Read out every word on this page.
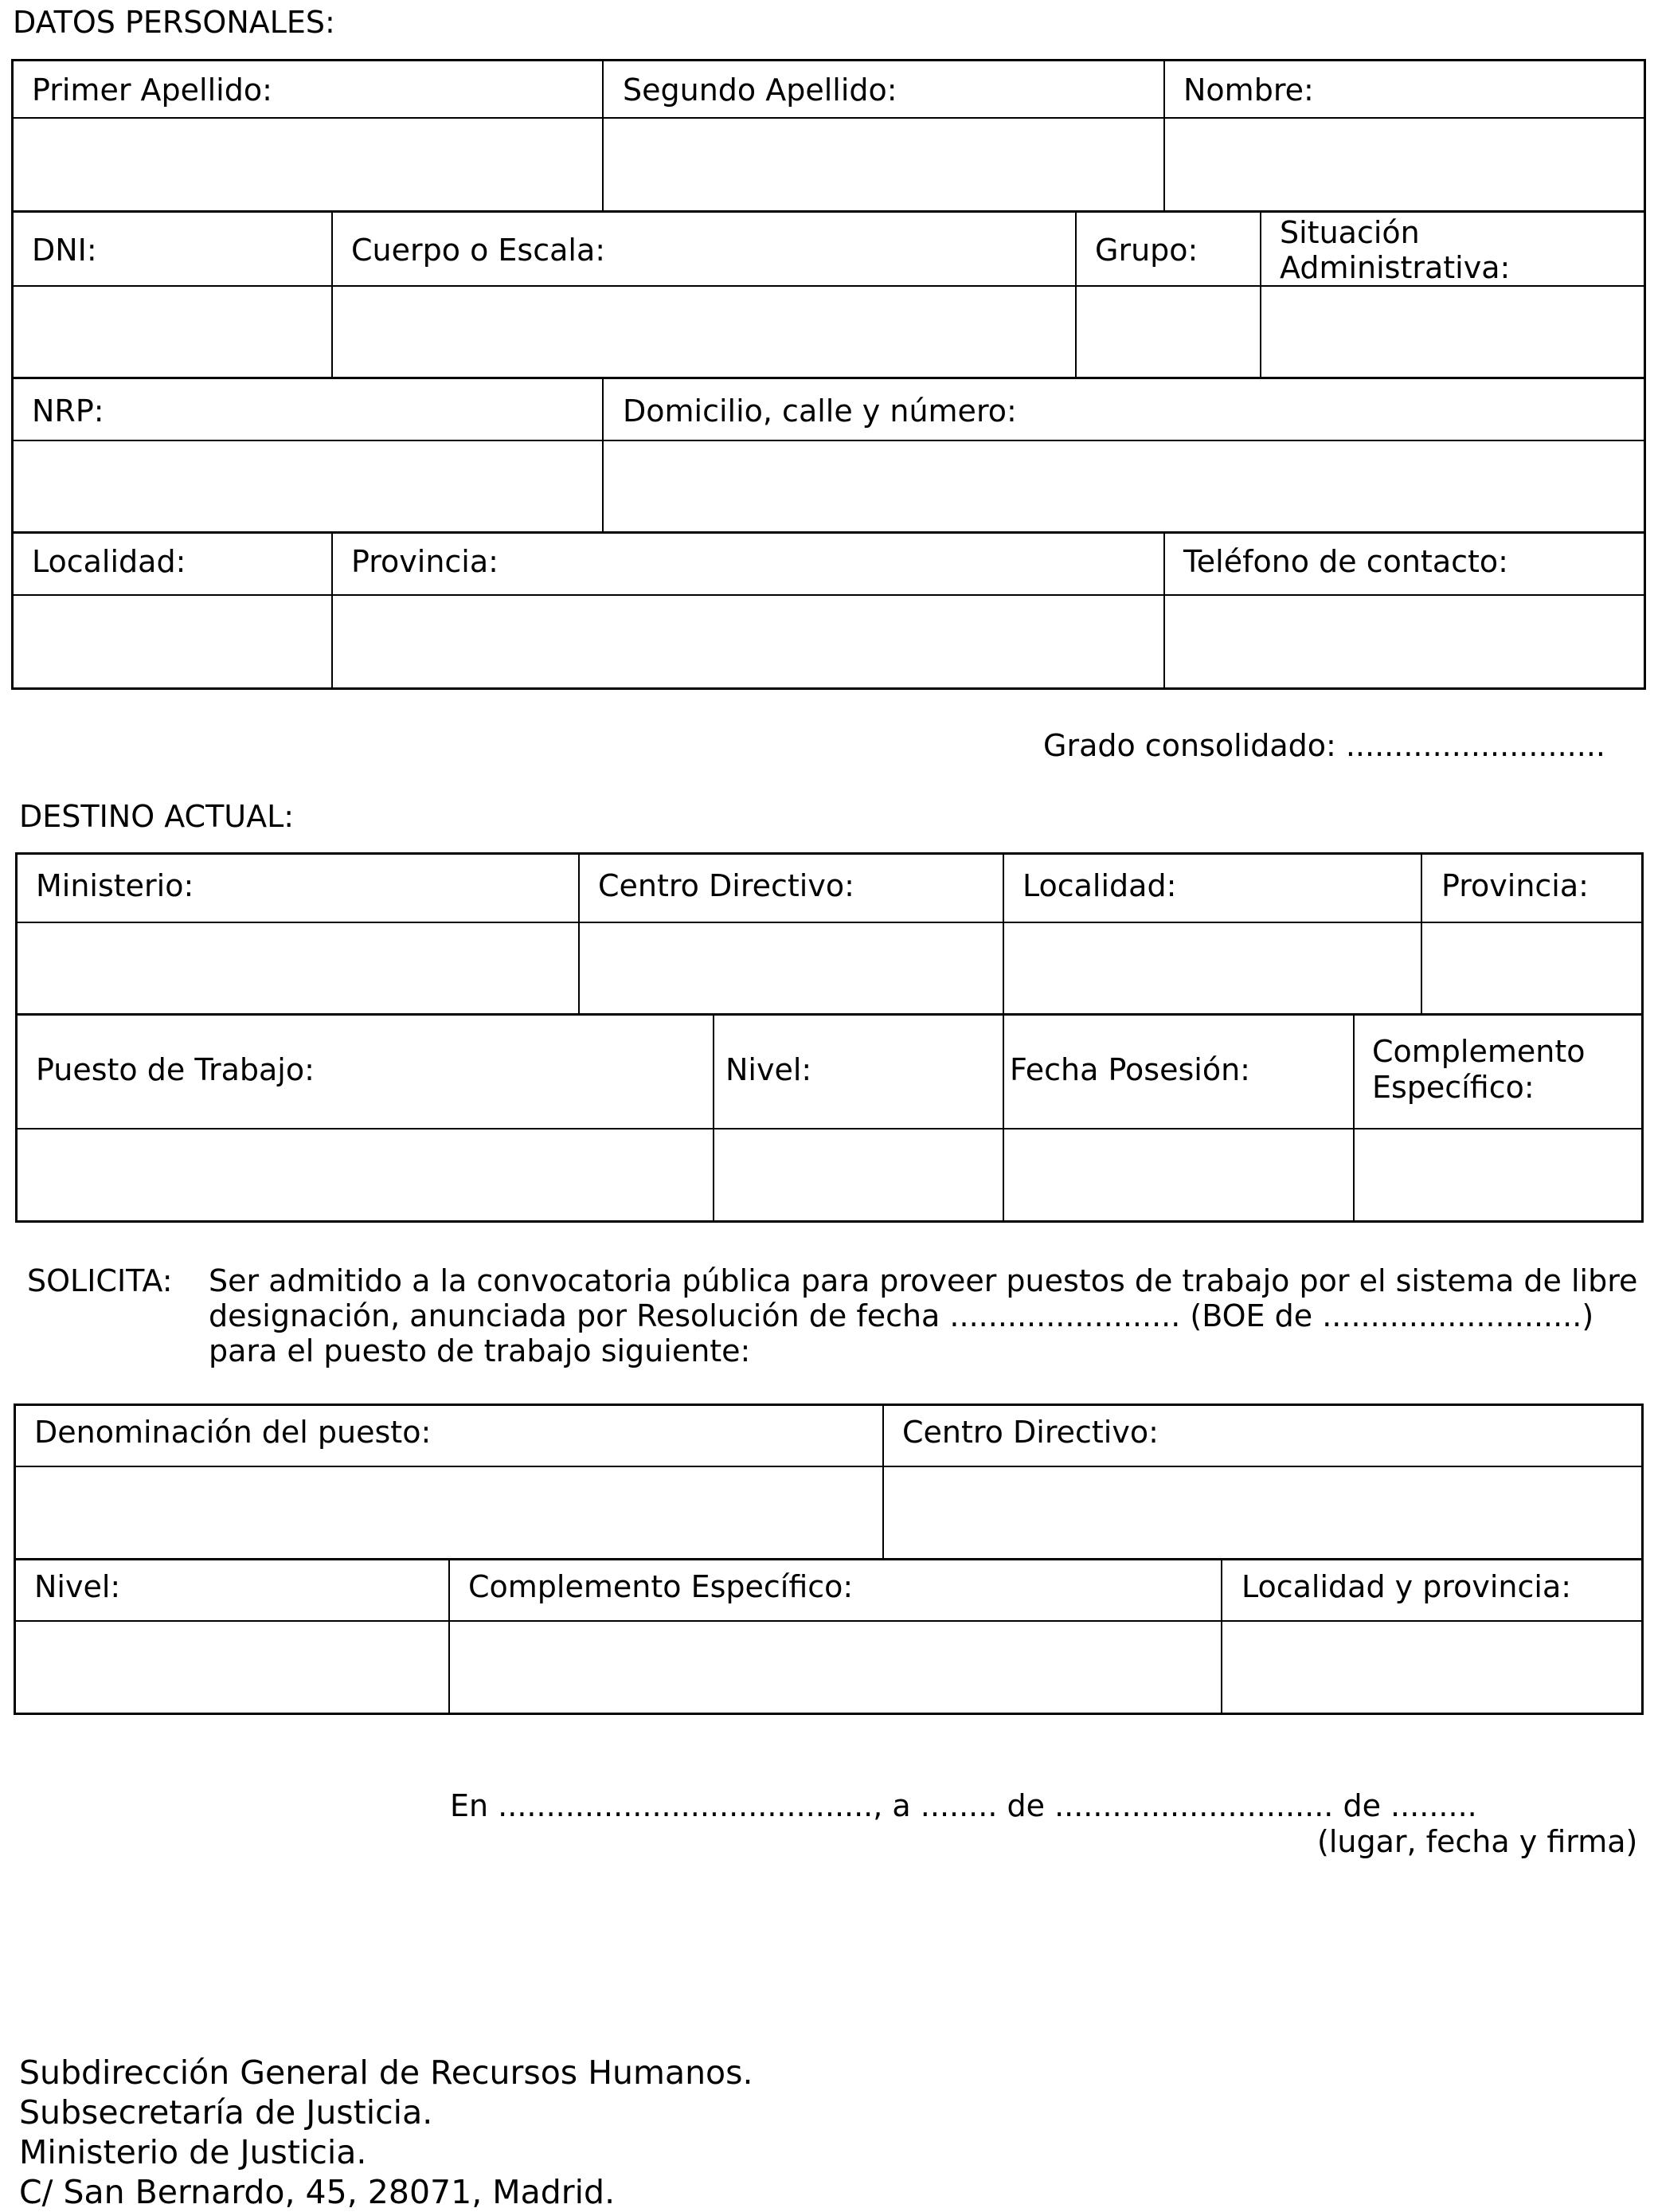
DATOS PERSONALES:
Primer Apellido:	Segundo Apellido:	Nombre:
DNI:	Cuerpo o Escala:	Grupo:	Situación
Administrativa:
NRP:	Domicilio, calle y número:
Localidad:	Provincia:	Teléfono de contacto:
Grado consolidado: ...........................
DESTINO ACTUAL:
Ministerio:	Centro Directivo:	Localidad:	Provincia:
Puesto de Trabajo:	Nivel:	Fecha Posesión:
Complemento
Específico:
SOLICITA: Ser admitido a la convocatoria pública para proveer puestos de trabajo por el sistema de libre
designación, anunciada por Resolución de fecha ........................ (BOE de ...........................)
para el puesto de trabajo siguiente:
Denominación del puesto:	Centro Directivo:
Nivel:	Complemento Específico:	Localidad y provincia:
En ......................................., a ........ de ............................. de .........
(lugar, fecha y firma)
Subdirección General de Recursos Humanos.
Subsecretaría de Justicia.
Ministerio de Justicia.
C/ San Bernardo, 45, 28071, Madrid.
